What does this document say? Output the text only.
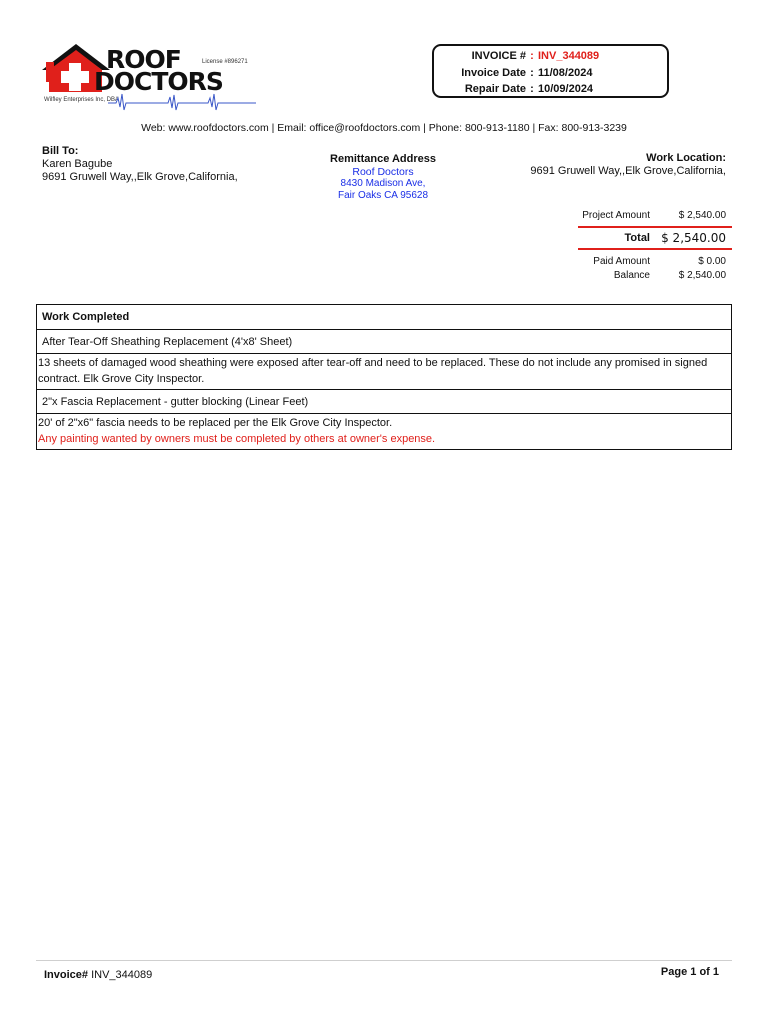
ROOF
DOCTORS
License #896271
Wilfley Enterprises Inc, DBA
INVOICE # : INV_344089
Invoice Date : 11/08/2024
Repair Date : 10/09/2024
Web: www.roofdoctors.com | Email: office@roofdoctors.com | Phone: 800-913-1180 | Fax: 800-913-3239
Bill To:
Karen Bagube
9691 Gruwell Way,,Elk Grove,California,
Remittance Address
Roof Doctors
8430 Madison Ave,
Fair Oaks CA 95628
Work Location:
9691 Gruwell Way,,Elk Grove,California,
Project Amount	$ 2,540.00
Total $ 2,540.00
Paid Amount	$ 0.00
Balance	$ 2,540.00
Work Completed
After Tear-Off Sheathing Replacement (4'x8' Sheet)
13 sheets of damaged wood sheathing were exposed after tear-off and need to be replaced. These do not include any promised in signed contract. Elk Grove City Inspector.
2"x Fascia Replacement - gutter blocking (Linear Feet)
20' of 2"x6" fascia needs to be replaced per the Elk Grove City Inspector.
Any painting wanted by owners must be completed by others at owner's expense.
Invoice# INV_344089	Page 1 of 1
